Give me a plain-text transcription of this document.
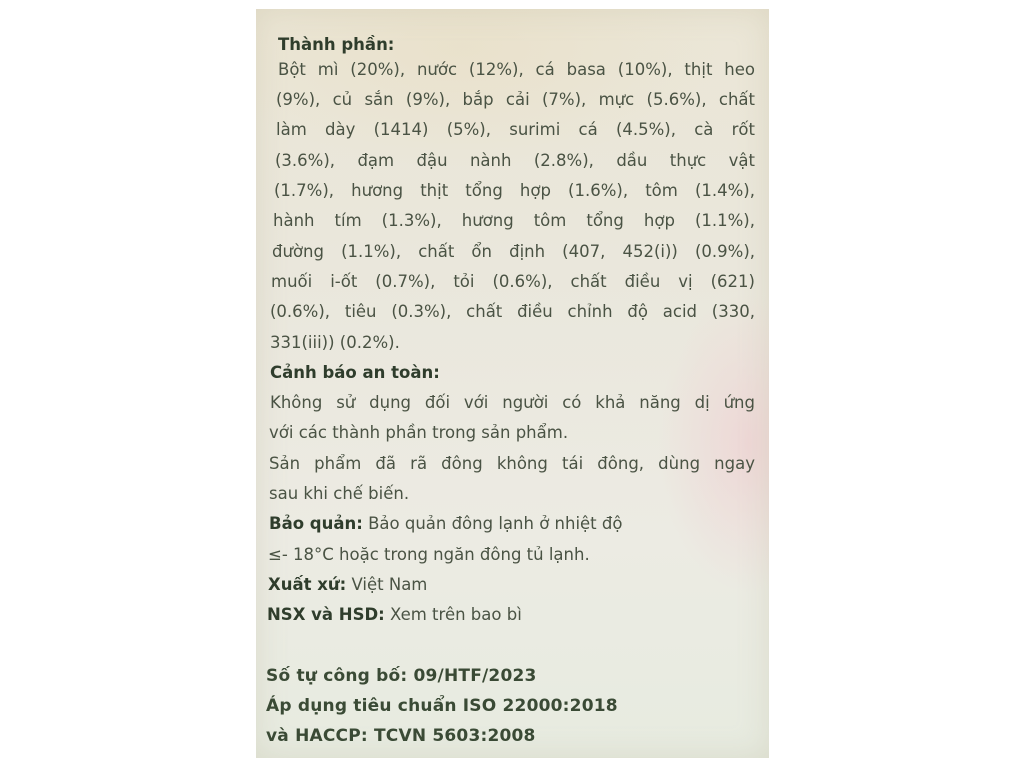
Thành phần:
Bột mì (20%), nước (12%), cá basa (10%), thịt heo
(9%), củ sắn (9%), bắp cải (7%), mực (5.6%), chất
làm dày (1414) (5%), surimi cá (4.5%), cà rốt
(3.6%), đạm đậu nành (2.8%), dầu thực vật
(1.7%), hương thịt tổng hợp (1.6%), tôm (1.4%),
hành tím (1.3%), hương tôm tổng hợp (1.1%),
đường (1.1%), chất ổn định (407, 452(i)) (0.9%),
muối i-ốt (0.7%), tỏi (0.6%), chất điều vị (621)
(0.6%), tiêu (0.3%), chất điều chỉnh độ acid (330,
331(iii)) (0.2%).
Cảnh báo an toàn:
Không sử dụng đối với người có khả năng dị ứng
với các thành phần trong sản phẩm.
Sản phẩm đã rã đông không tái đông, dùng ngay
sau khi chế biến.
Bảo quản: Bảo quản đông lạnh ở nhiệt độ
≤- 18°C hoặc trong ngăn đông tủ lạnh.
Xuất xứ: Việt Nam
NSX và HSD: Xem trên bao bì
Số tự công bố: 09/HTF/2023
Áp dụng tiêu chuẩn ISO 22000:2018
và HACCP: TCVN 5603:2008
